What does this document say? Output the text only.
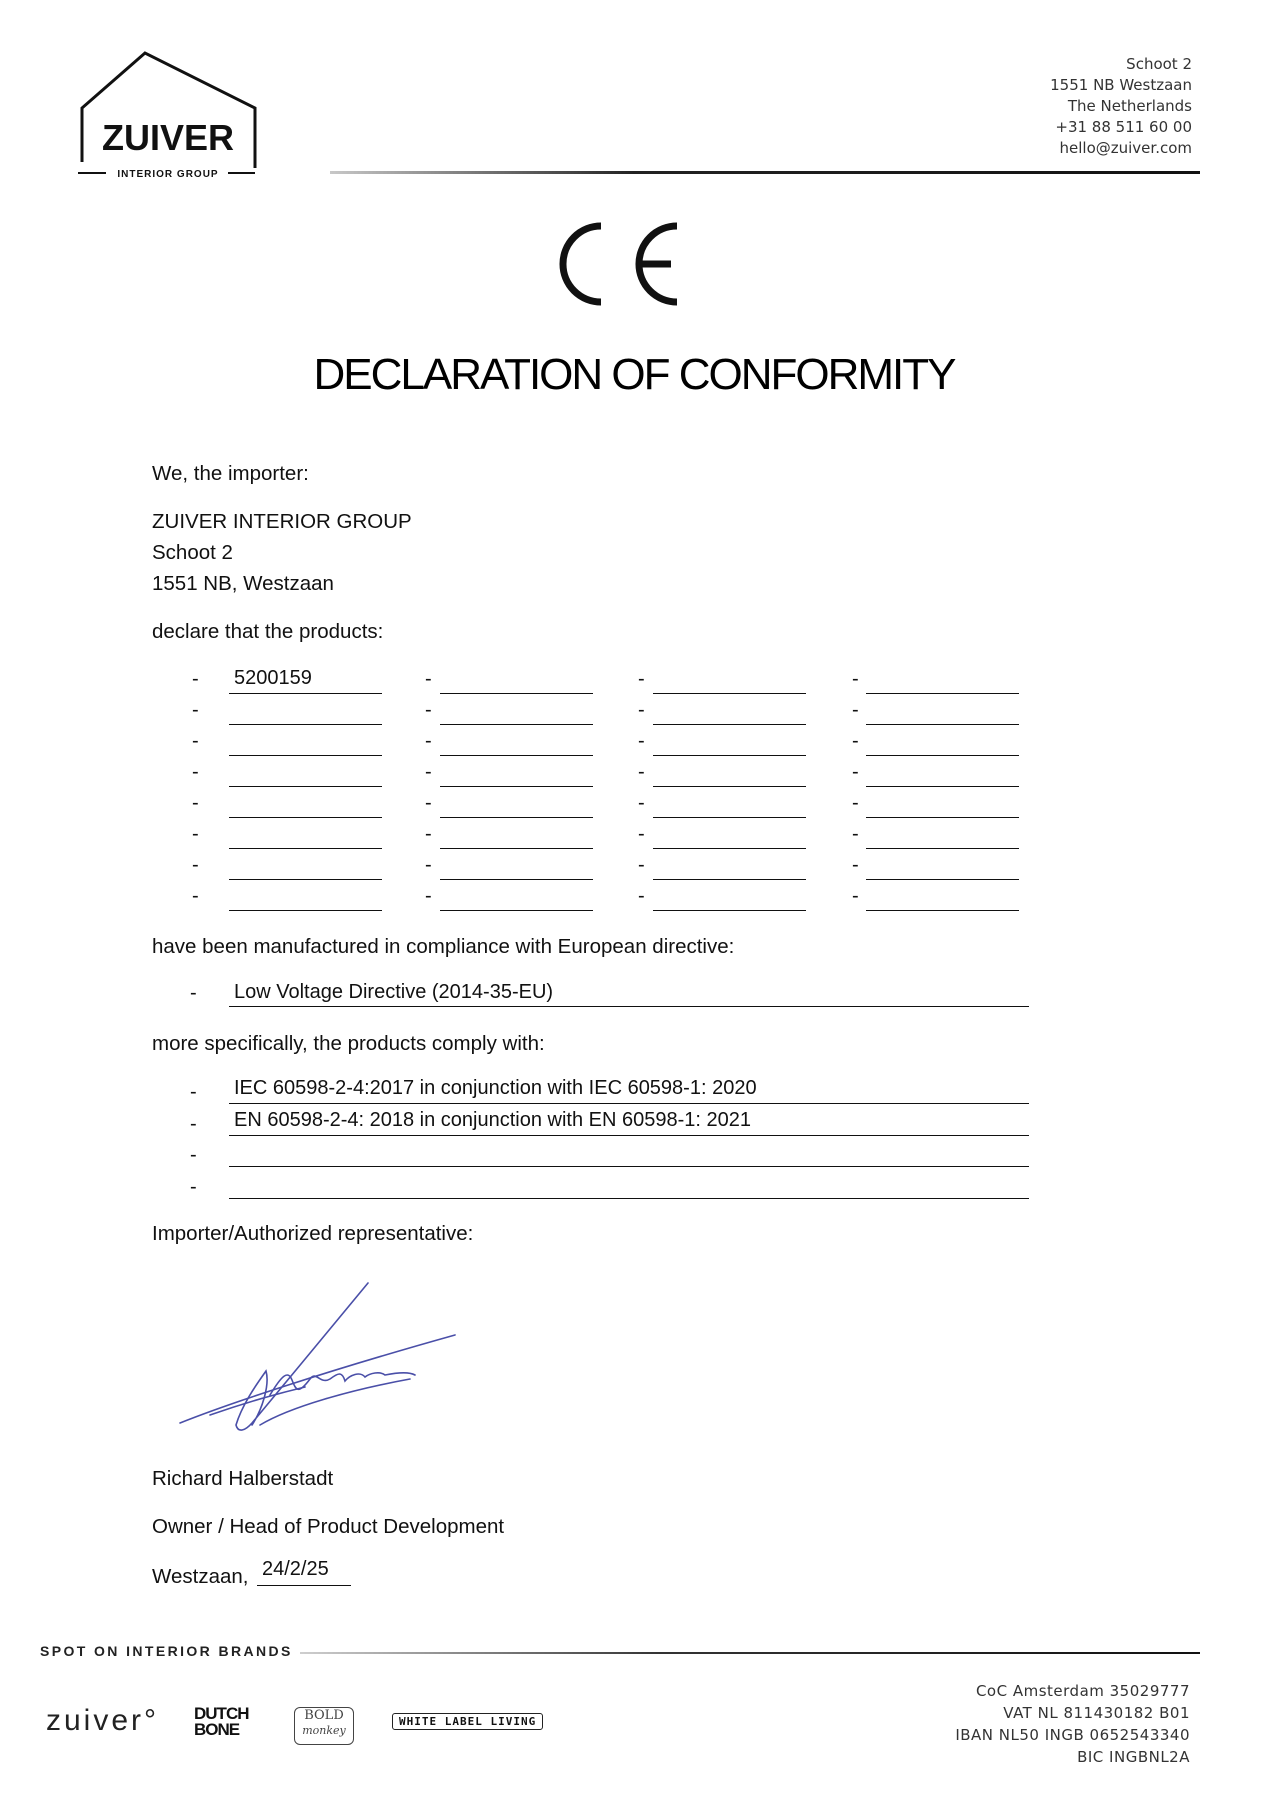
ZUIVER
INTERIOR GROUP
Schoot 2
1551 NB Westzaan
The Netherlands
+31 88 511 60 00
hello@zuiver.com
DECLARATION OF CONFORMITY
We, the importer:
ZUIVER INTERIOR GROUP
Schoot 2
1551 NB, Westzaan
declare that the products:
- 5200159	-	-	-
-	-	-	-
-	-	-	-
-	-	-	-
-	-	-	-
-	-	-	-
-	-	-	-
-	-	-	-
have been manufactured in compliance with European directive:
- Low Voltage Directive (2014-35-EU)
more specifically, the products comply with:
- IEC 60598-2-4:2017 in conjunction with IEC 60598-1: 2020
- EN 60598-2-4: 2018 in conjunction with EN 60598-1: 2021
-
-
Importer/Authorized representative:
Richard Halberstadt
Owner / Head of Product Development
Westzaan, 24/2/25
SPOT ON INTERIOR BRANDS
zuiver° DUTCH
BONE
BOLD
monkey
WHITE LABEL LIVING
CoC Amsterdam 35029777
VAT NL 811430182 B01
IBAN NL50 INGB 0652543340
BIC INGBNL2A
